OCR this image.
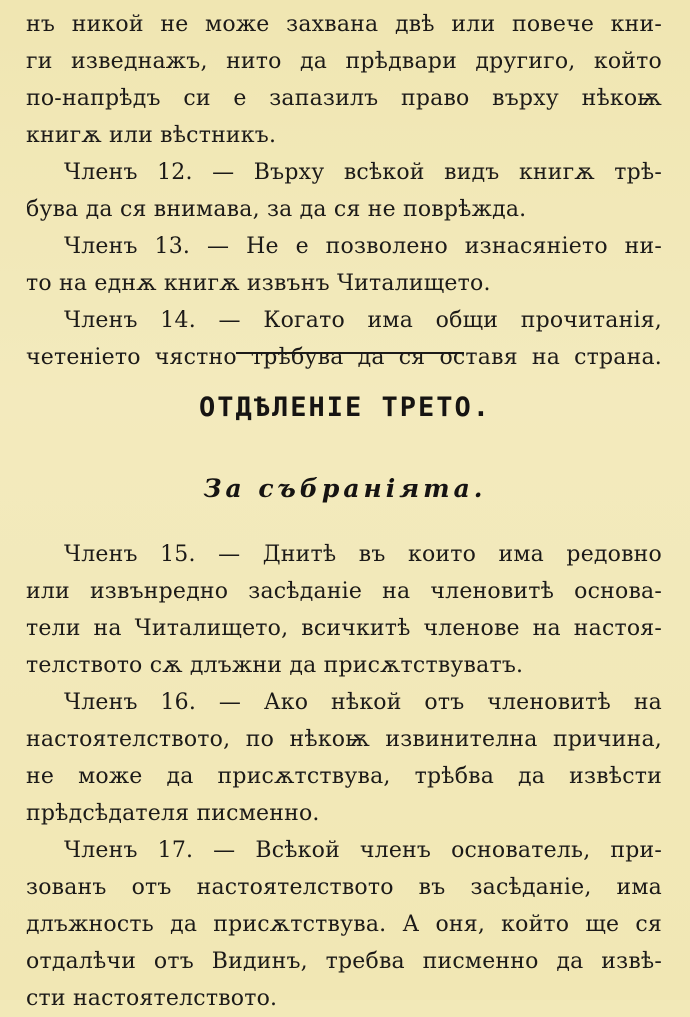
нъ никой не може захвана двѣ или повече кни-
ги изведнажъ, нито да прѣдвари другиго, който
по-напрѣдъ си е запазилъ право върху нѣкоѭ
книгѫ или вѣстникъ.
Членъ 12. — Върху всѣкой видъ книгѫ трѣ-
бува да ся внимава, за да ся не поврѣжда.
Членъ 13. — Не е позволено изнасянiето ни-
то на еднѫ книгѫ извънъ Читалището.
Членъ 14. — Когато има общи прочитанiя,
четенiето чястно трѣбува да ся оставя на страна.
ОТДѢЛЕНІЕ ТРЕТО.
За събранiята.
Членъ 15. — Днитѣ въ които има редовно
или извънредно засѣданiе на членовитѣ основа-
тели на Читалището, всичкитѣ членове на настоя-
телството сѫ длъжни да присѫтствуватъ.
Членъ 16. — Ако нѣкой отъ членовитѣ на
настоятелството, по нѣкоѭ извинителна причина,
не може да присѫтствува, трѣбва да извѣсти
прѣдсѣдателя писменно.
Членъ 17. — Всѣкой членъ основатель, при-
зованъ отъ настоятелството въ засѣданiе, има
длъжность да присѫтствува. А оня, който ще ся
отдалѣчи отъ Видинъ, требва писменно да извѣ-
сти настоятелството.
